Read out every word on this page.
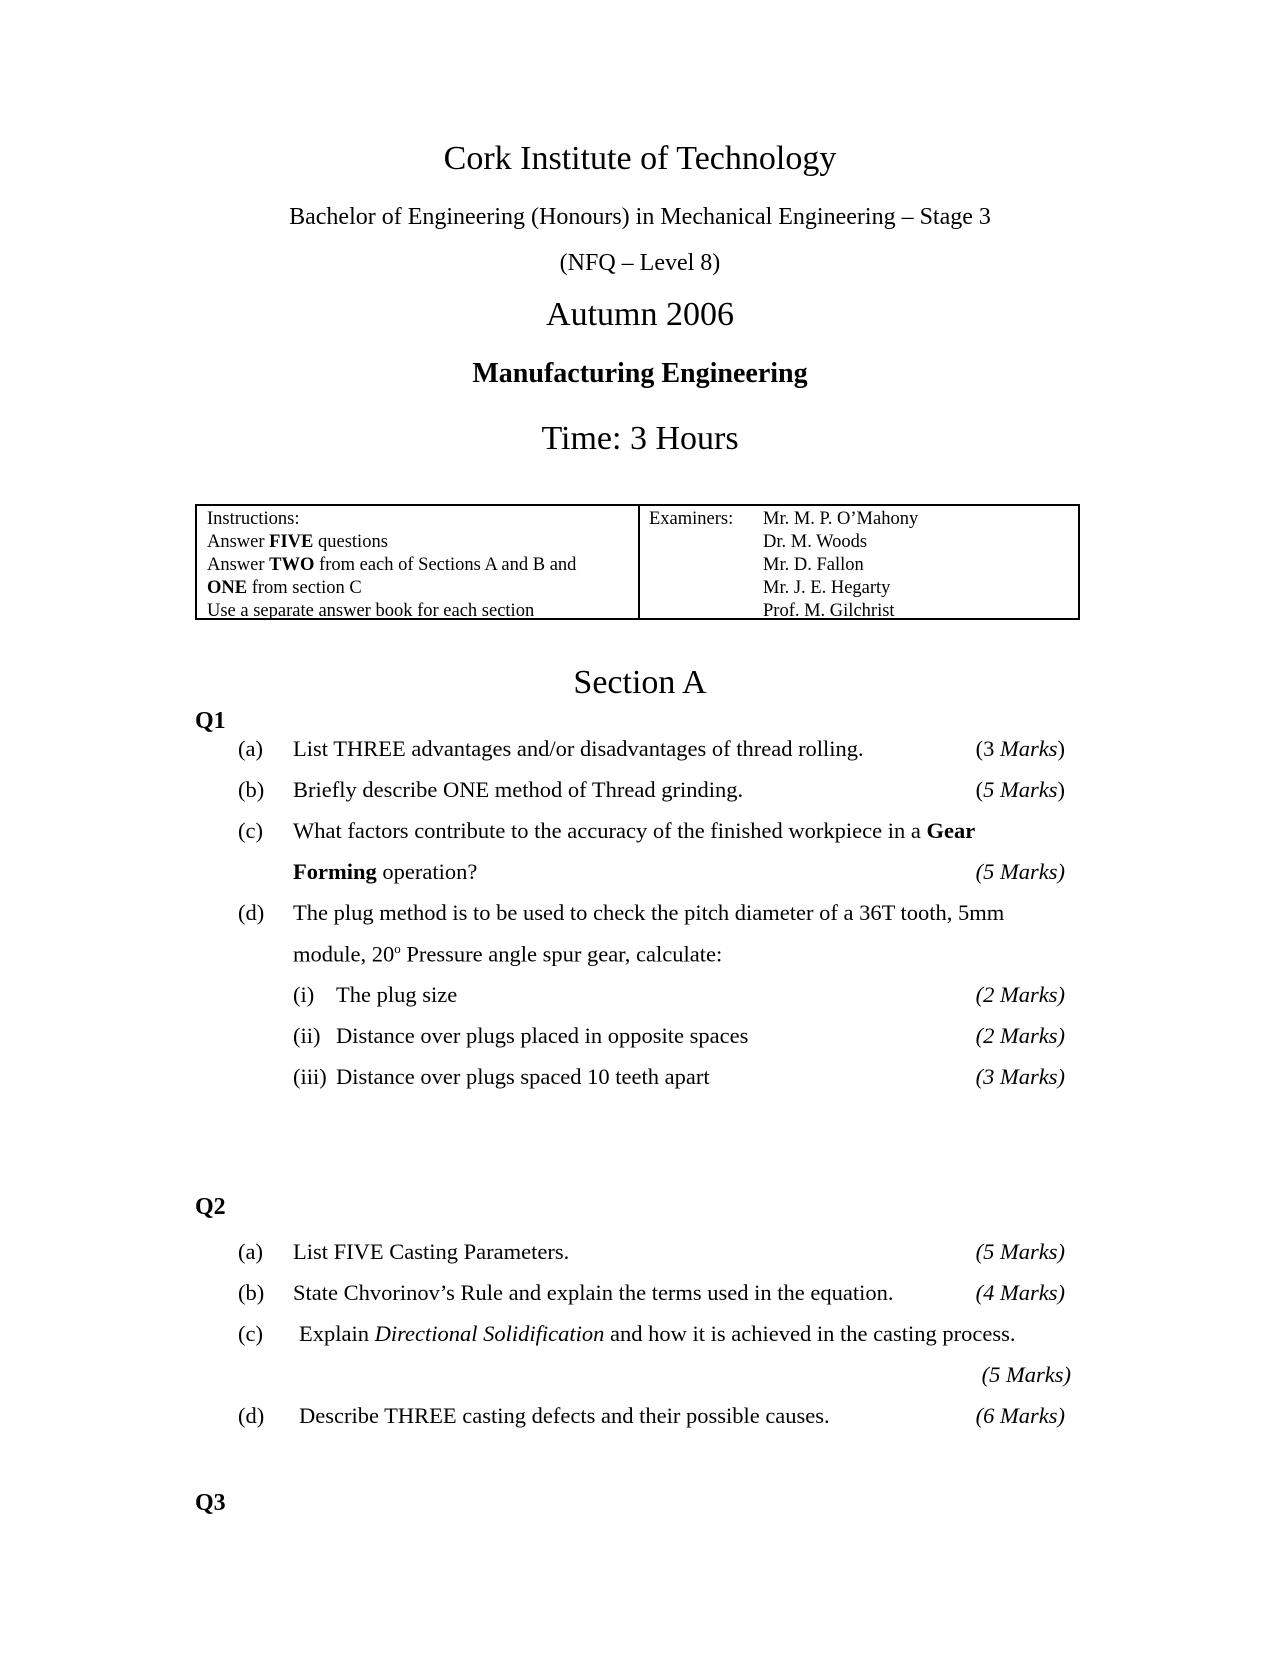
Cork Institute of Technology
Bachelor of Engineering (Honours) in Mechanical Engineering – Stage 3
(NFQ – Level 8)
Autumn 2006
Manufacturing Engineering
Time: 3 Hours
Instructions:
Answer FIVE questions
Answer TWO from each of Sections A and B and
ONE from section C
Use a separate answer book for each section
Examiners: Mr. M. P. O’Mahony
Dr. M. Woods
Mr. D. Fallon
Mr. J. E. Hegarty
Prof. M. Gilchrist
Section A
Q1
(a) List THREE advantages and/or disadvantages of thread rolling.	(3 Marks)
(b) Briefly describe ONE method of Thread grinding.	(5 Marks)
(c) What factors contribute to the accuracy of the finished workpiece in a Gear
Forming operation?	(5 Marks)
(d) The plug method is to be used to check the pitch diameter of a 36T tooth, 5mm
module, 20$^o$ Pressure angle spur gear, calculate:
(i) The plug size	(2 Marks)
(ii) Distance over plugs placed in opposite spaces	(2 Marks)
(iii) Distance over plugs spaced 10 teeth apart	(3 Marks)
Q2
(a) List FIVE Casting Parameters.	(5 Marks)
(b) State Chvorinov’s Rule and explain the terms used in the equation.	(4 Marks)
(c) Explain Directional Solidification and how it is achieved in the casting process.
(5 Marks)
(d) Describe THREE casting defects and their possible causes.	(6 Marks)
Q3
